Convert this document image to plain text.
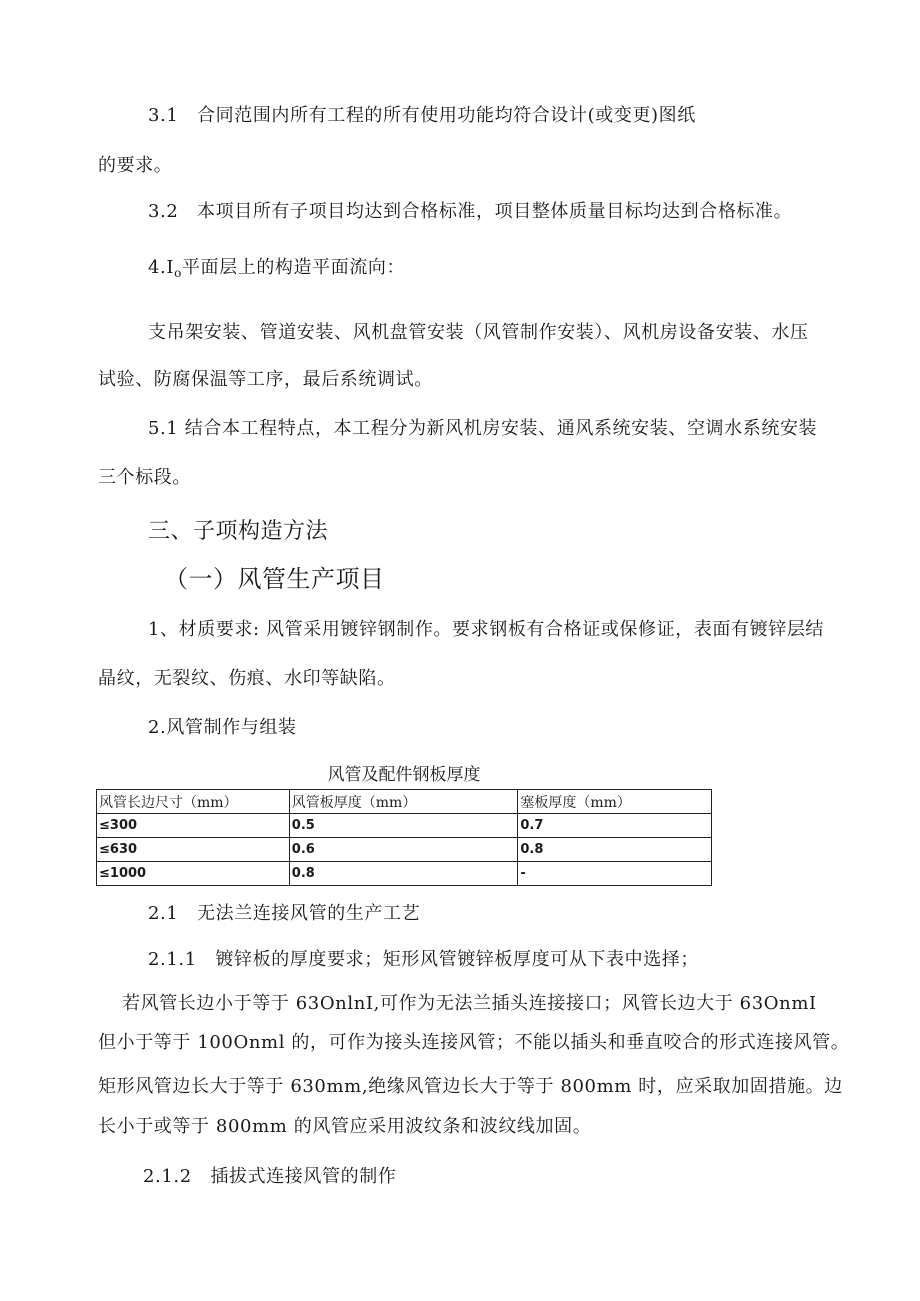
3.1　合同范围内所有工程的所有使用功能均符合设计(或变更)图纸
的要求。
3.2　本项目所有子项目均达到合格标准，项目整体质量目标均达到合格标准。
$4.I_o$平面层上的构造平面流向：
支吊架安装、管道安装、风机盘管安装（风管制作安装）、风机房设备安装、水压
试验、防腐保温等工序，最后系统调试。
5.1 结合本工程特点，本工程分为新风机房安装、通风系统安装、空调水系统安装
三个标段。
三、子项构造方法
（一）风管生产项目
1、材质要求: 风管采用镀锌钢制作。要求钢板有合格证或保修证，表面有镀锌层结
晶纹，无裂纹、伤痕、水印等缺陷。
2.风管制作与组装
风管及配件钢板厚度
风管长边尺寸（mm）	风管板厚度（mm）	塞板厚度（mm）
≤300	0.5	0.7
≤630	0.6	0.8
≤1000	0.8	-
2.1　无法兰连接风管的生产工艺
2.1.1　镀锌板的厚度要求；矩形风管镀锌板厚度可从下表中选择；
若风管长边小于等于 63OnlnI,可作为无法兰插头连接接口；风管长边大于 63OnmI
但小于等于 100Onml 的，可作为接头连接风管；不能以插头和垂直咬合的形式连接风管。
矩形风管边长大于等于 630mm,绝缘风管边长大于等于 800mm 时，应采取加固措施。边
长小于或等于 800mm 的风管应采用波纹条和波纹线加固。
2.1.2　插拔式连接风管的制作
